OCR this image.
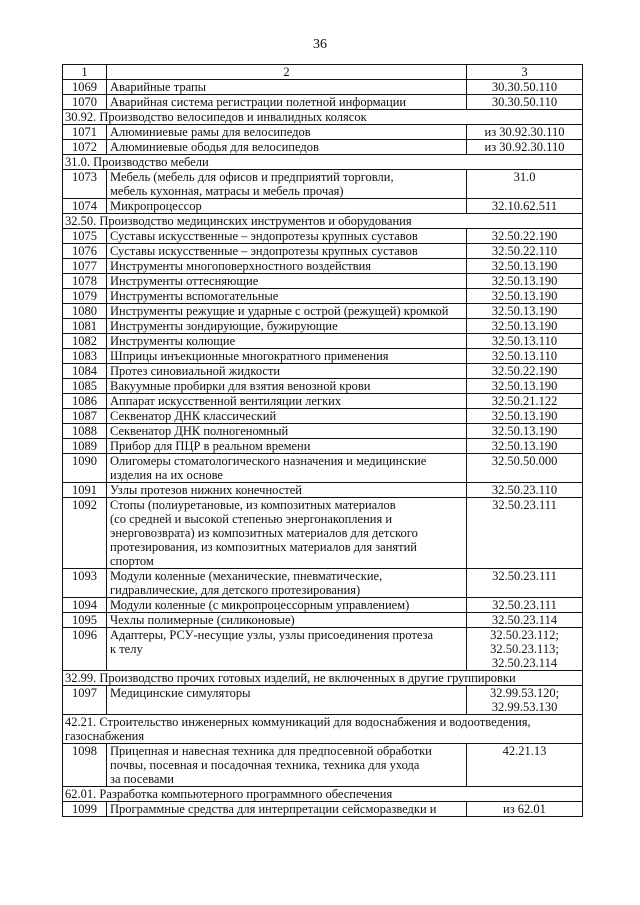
36
1	2	3
1069	Аварийные трапы	30.30.50.110

1070	Аварийная система регистрации полетной информации	30.30.50.110

30.92. Производство велосипедов и инвалидных колясок		

1071	Алюминиевые рамы для велосипедов	из 30.92.30.110

1072	Алюминиевые ободья для велосипедов	из 30.92.30.110

31.0. Производство мебели		

1073	Мебель (мебель для офисов и предприятий торговли,
мебель кухонная, матрасы и мебель прочая)	31.0

1074	Микропроцессор	32.10.62.511

32.50. Производство медицинских инструментов и оборудования		

1075	Суставы искусственные – эндопротезы крупных суставов	32.50.22.190

1076	Суставы искусственные – эндопротезы крупных суставов	32.50.22.110

1077	Инструменты многоповерхностного воздействия	32.50.13.190

1078	Инструменты оттесняющие	32.50.13.190

1079	Инструменты вспомогательные	32.50.13.190

1080	Инструменты режущие и ударные с острой (режущей) кромкой	32.50.13.190

1081	Инструменты зондирующие, бужирующие	32.50.13.190

1082	Инструменты колющие	32.50.13.110

1083	Шприцы инъекционные многократного применения	32.50.13.110

1084	Протез синовиальной жидкости	32.50.22.190

1085	Вакуумные пробирки для взятия венозной крови	32.50.13.190

1086	Аппарат искусственной вентиляции легких	32.50.21.122

1087	Секвенатор ДНК классический	32.50.13.190

1088	Секвенатор ДНК полногеномный	32.50.13.190

1089	Прибор для ПЦР в реальном времени	32.50.13.190

1090	Олигомеры стоматологического назначения и медицинские
изделия на их основе	32.50.50.000

1091	Узлы протезов нижних конечностей	32.50.23.110

1092	Стопы (полиуретановые, из композитных материалов
(со средней и высокой степенью энергонакопления и
энерговозврата) из композитных материалов для детского
протезирования, из композитных материалов для занятий
спортом	32.50.23.111

1093	Модули коленные (механические, пневматические,
гидравлические, для детского протезирования)	32.50.23.111

1094	Модули коленные (с микропроцессорным управлением)	32.50.23.111

1095	Чехлы полимерные (силиконовые)	32.50.23.114

1096	Адаптеры, РСУ-несущие узлы, узлы присоединения протеза
к телу	32.50.23.112;
32.50.23.113;
32.50.23.114

32.99. Производство прочих готовых изделий, не включенных в другие группировки		

1097	Медицинские симуляторы	32.99.53.120;
32.99.53.130

42.21. Строительство инженерных коммуникаций для водоснабжения и водоотведения,
газоснабжения		

1098	Прицепная и навесная техника для предпосевной обработки
почвы, посевная и посадочная техника, техника для ухода
за посевами	42.21.13

62.01. Разработка компьютерного программного обеспечения		

1099	Программные средства для интерпретации сейсморазведки и	из 62.01
